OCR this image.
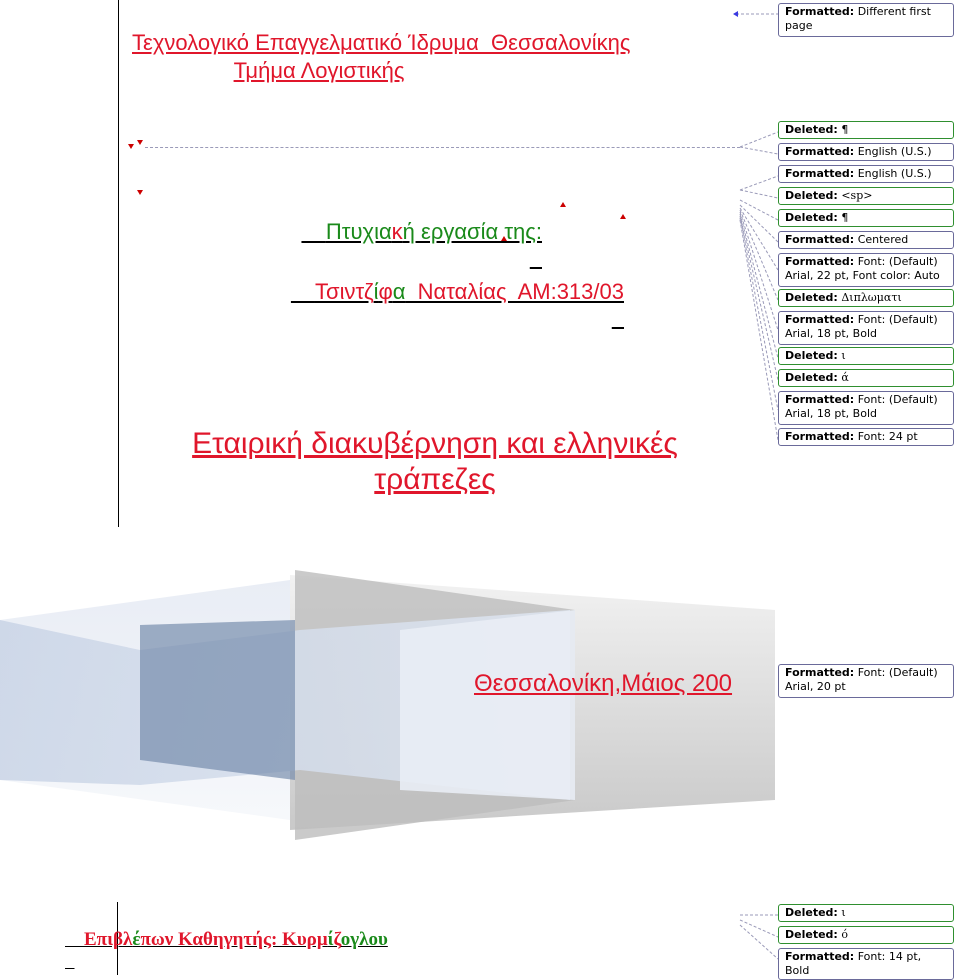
Τεχνολογικό Επαγγελματικό Ίδρυμα  Θεσσαλονίκης
Τμήμα Λογιστικής

Πτυχιακή εργασία της:

Τσιντζίφα  Ναταλίας  ΑΜ:313/03

Εταιρική διακυβέρνηση και ελληνικές
τράπεζες
Θεσσαλονίκη,Μάιος 200

Επιβλέπων Καθηγητής: Κυρμίζογλου

Formatted: Different first page
Deleted: ¶
Formatted: English (U.S.)
Formatted: English (U.S.)
Deleted: <sp>
Deleted: ¶
Formatted: Centered
Formatted: Font: (Default) Arial, 22 pt, Font color: Auto
Deleted: Διπλωματι
Formatted: Font: (Default) Arial, 18 pt, Bold
Deleted: ι
Deleted: ά
Formatted: Font: (Default) Arial, 18 pt, Bold
Formatted: Font: 24 pt
Formatted: Font: (Default) Arial, 20 pt
Deleted: ι
Deleted: ό
Formatted: Font: 14 pt, Bold
